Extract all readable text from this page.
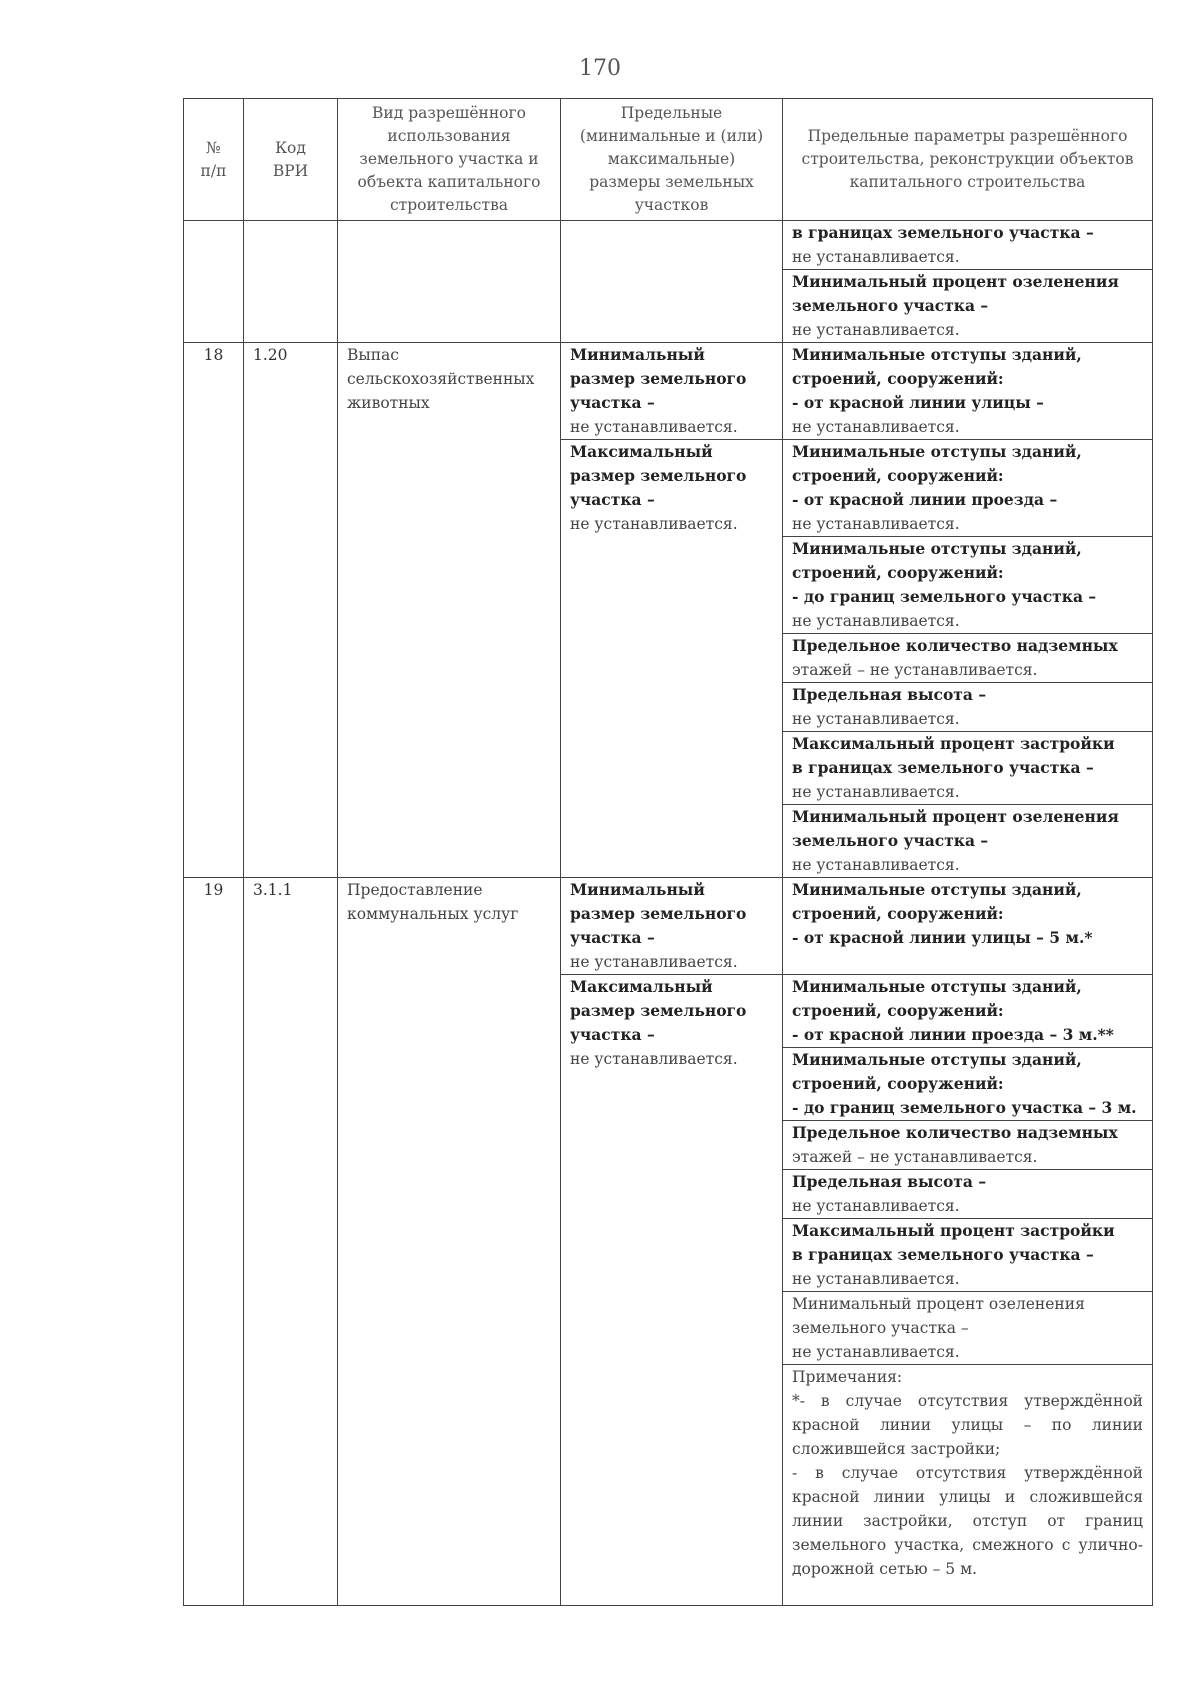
170
№
п/п	Код
ВРИ	Вид разрешённого
использования
земельного участка и
объекта капитального
строительства	Предельные
(минимальные и (или)
максимальные)
размеры земельных
участков	Предельные параметры разрешённого
строительства, реконструкции объектов
капитального строительства

				в границах земельного участка –
не устанавливается.
				Минимальный процент озеленения
земельного участка –
не устанавливается.
18	1.20	Выпас
сельскохозяйственных
животных	Минимальный
размер земельного
участка –
не устанавливается.	Минимальные отступы зданий,
строений, сооружений:
- от красной линии улицы –
не устанавливается.
			Максимальный
размер земельного
участка –
не устанавливается.	Минимальные отступы зданий,
строений, сооружений:
- от красной линии проезда –
не устанавливается.
				Минимальные отступы зданий,
строений, сооружений:
- до границ земельного участка –
не устанавливается.
				Предельное количество надземных
этажей – не устанавливается.
				Предельная высота –
не устанавливается.
				Максимальный процент застройки
в границах земельного участка –
не устанавливается.
				Минимальный процент озеленения
земельного участка –
не устанавливается.
19	3.1.1	Предоставление
коммунальных услуг	Минимальный
размер земельного
участка –
не устанавливается.	Минимальные отступы зданий,
строений, сооружений:
- от красной линии улицы – 5 м.*
			Максимальный
размер земельного
участка –
не устанавливается.	Минимальные отступы зданий,
строений, сооружений:
- от красной линии проезда – 3 м.**
				Минимальные отступы зданий,
строений, сооружений:
- до границ земельного участка – 3 м.
				Предельное количество надземных
этажей – не устанавливается.
				Предельная высота –
не устанавливается.
				Максимальный процент застройки
в границах земельного участка –
не устанавливается.
				Минимальный процент озеленения
земельного участка –
не устанавливается.
				Примечания:
*- в случае отсутствия утверждённой красной линии улицы – по линии сложившейся застройки;
- в случае отсутствия утверждённой красной линии улицы и сложившейся линии застройки, отступ от границ земельного участка, смежного с улично-дорожной сетью – 5 м.
